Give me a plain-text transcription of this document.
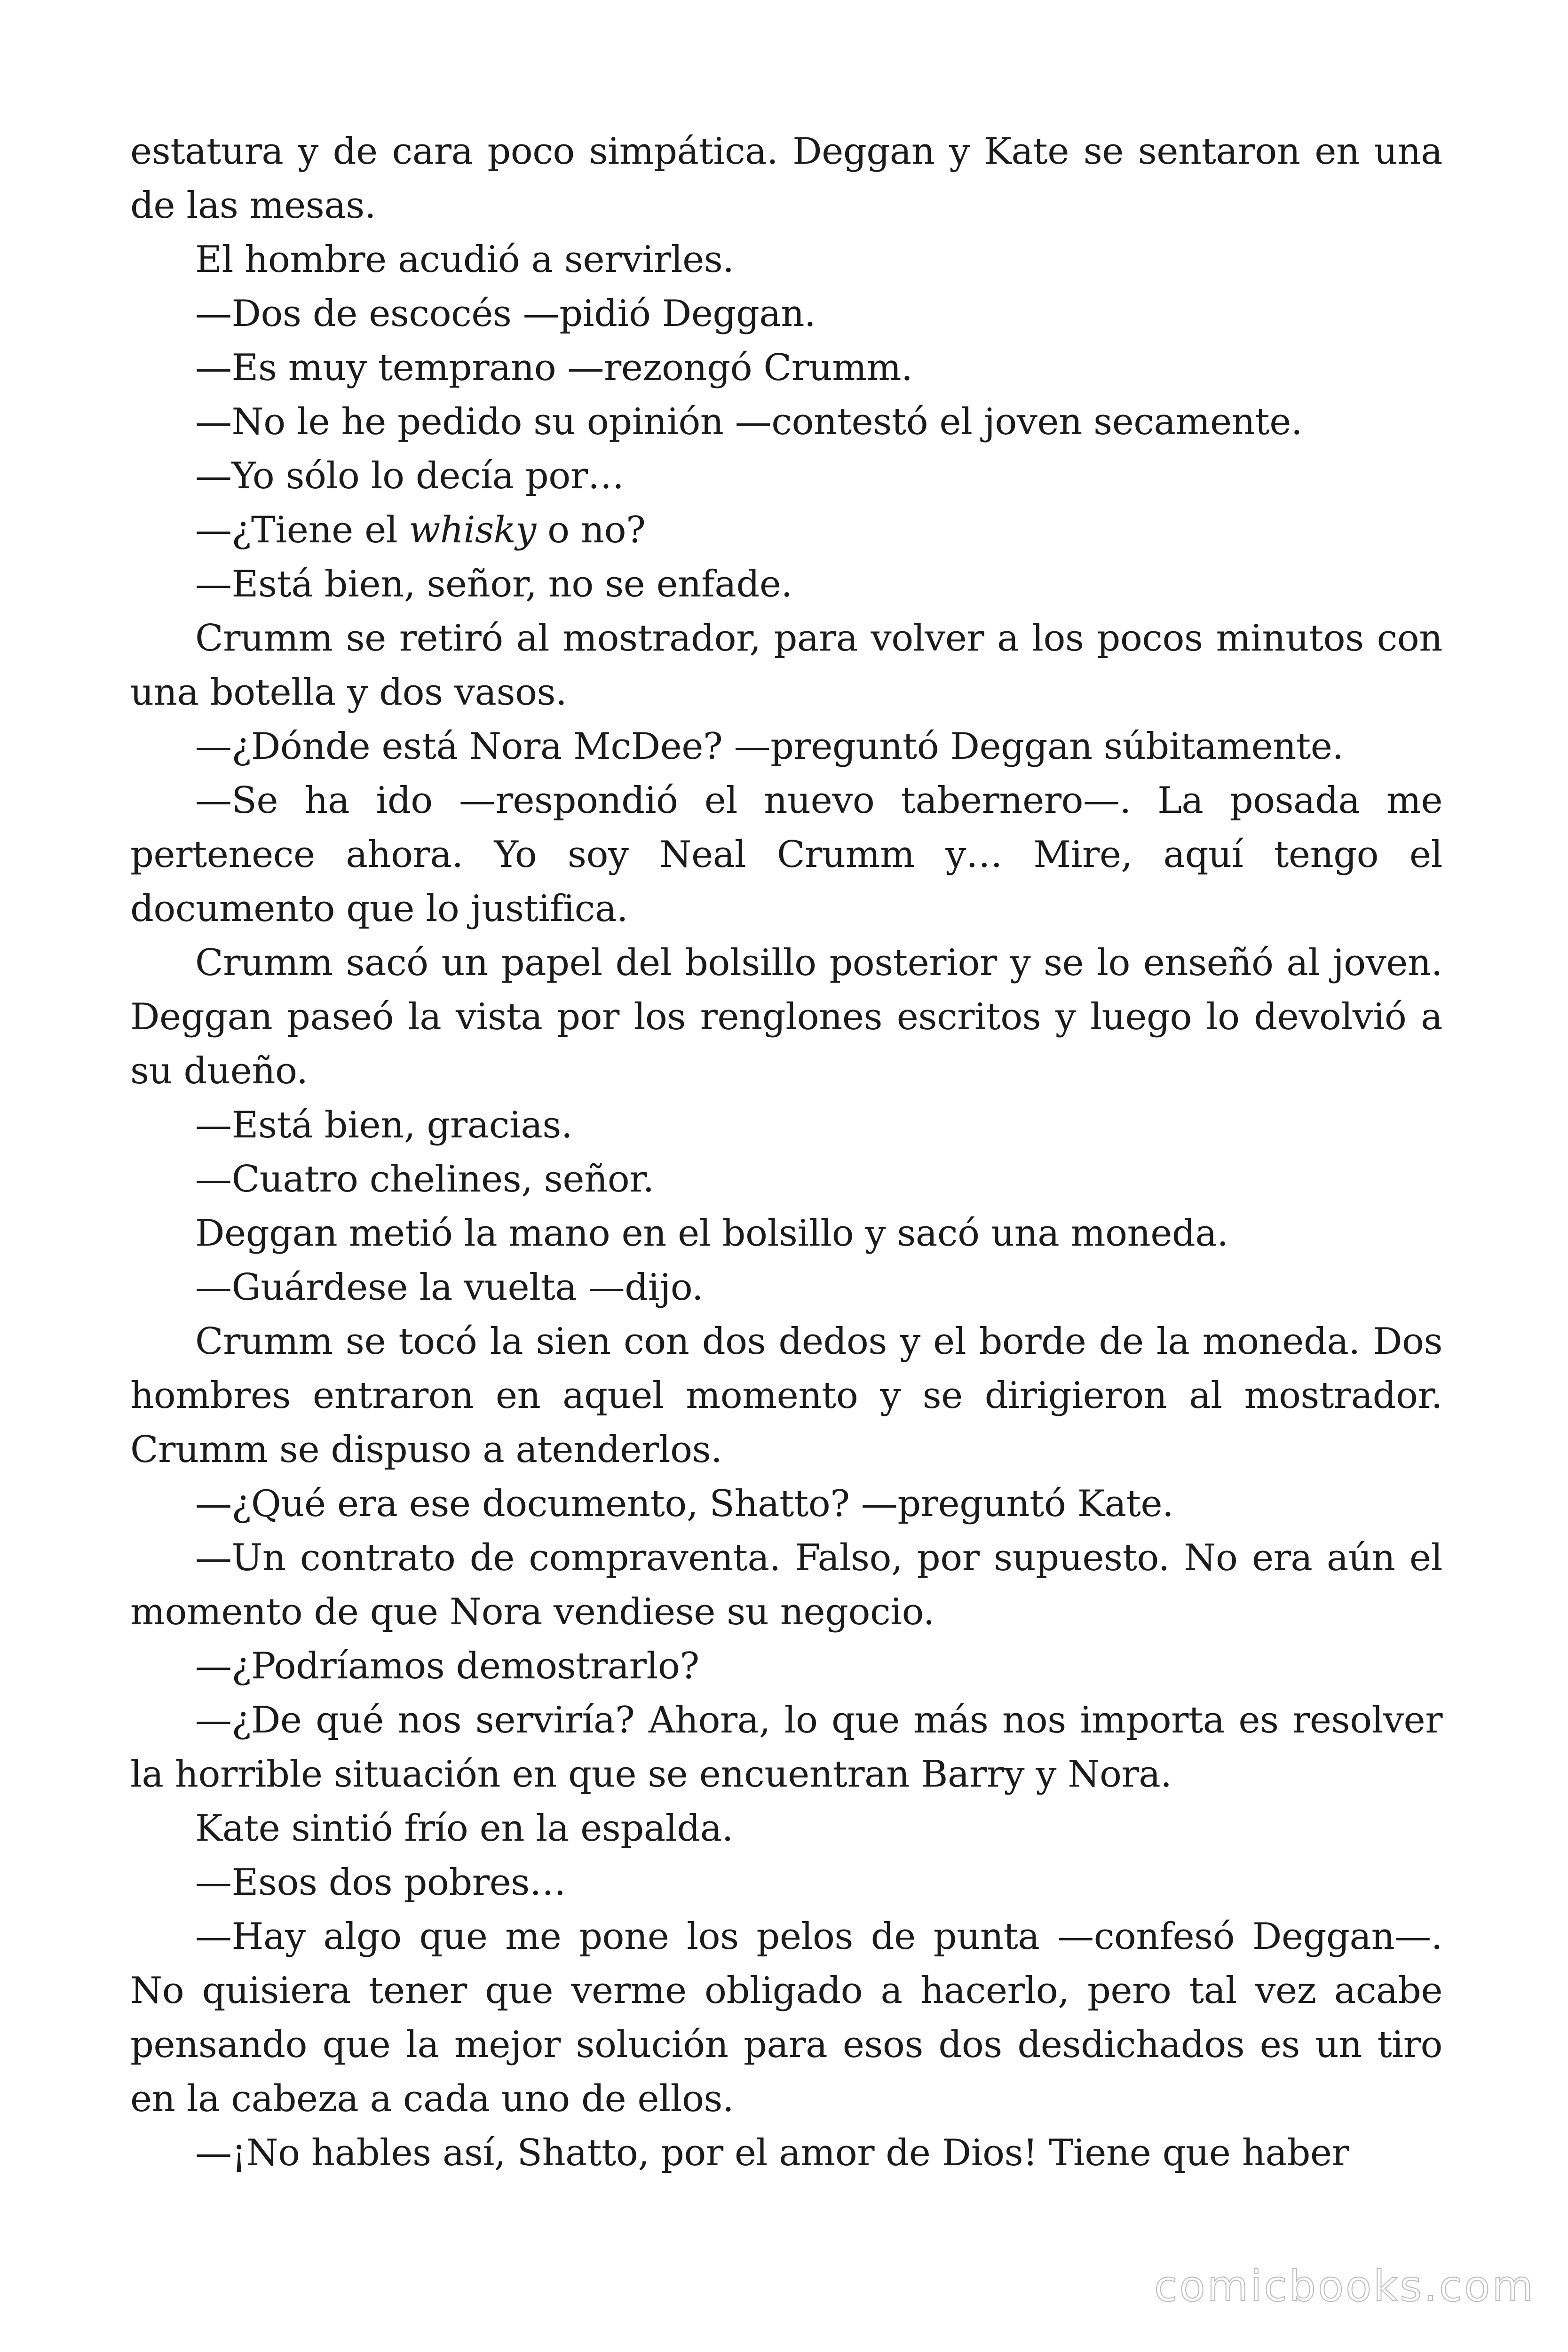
estatura y de cara poco simpática. Deggan y Kate se sentaron en una de las mesas.

El hombre acudió a servirles.

—Dos de escocés —pidió Deggan.

—Es muy temprano —rezongó Crumm.

—No le he pedido su opinión —contestó el joven secamente.

—Yo sólo lo decía por…

—¿Tiene el whisky o no?

—Está bien, señor, no se enfade.

Crumm se retiró al mostrador, para volver a los pocos minutos con una botella y dos vasos.

—¿Dónde está Nora McDee? —preguntó Deggan súbitamente.

—Se ha ido —respondió el nuevo tabernero—. La posada me pertenece ahora. Yo soy Neal Crumm y… Mire, aquí tengo el documento que lo justifica.

Crumm sacó un papel del bolsillo posterior y se lo enseñó al joven. Deggan paseó la vista por los renglones escritos y luego lo devolvió a su dueño.

—Está bien, gracias.

—Cuatro chelines, señor.

Deggan metió la mano en el bolsillo y sacó una moneda.

—Guárdese la vuelta —dijo.

Crumm se tocó la sien con dos dedos y el borde de la moneda. Dos hombres entraron en aquel momento y se dirigieron al mostrador. Crumm se dispuso a atenderlos.

—¿Qué era ese documento, Shatto? —preguntó Kate.

—Un contrato de compraventa. Falso, por supuesto. No era aún el momento de que Nora vendiese su negocio.

—¿Podríamos demostrarlo?

—¿De qué nos serviría? Ahora, lo que más nos importa es resolver la horrible situación en que se encuentran Barry y Nora.

Kate sintió frío en la espalda.

—Esos dos pobres…

—Hay algo que me pone los pelos de punta —confesó Deggan—. No quisiera tener que verme obligado a hacerlo, pero tal vez acabe pensando que la mejor solución para esos dos desdichados es un tiro en la cabeza a cada uno de ellos.

—¡No hables así, Shatto, por el amor de Dios! Tiene que haber

comicbooks.com
